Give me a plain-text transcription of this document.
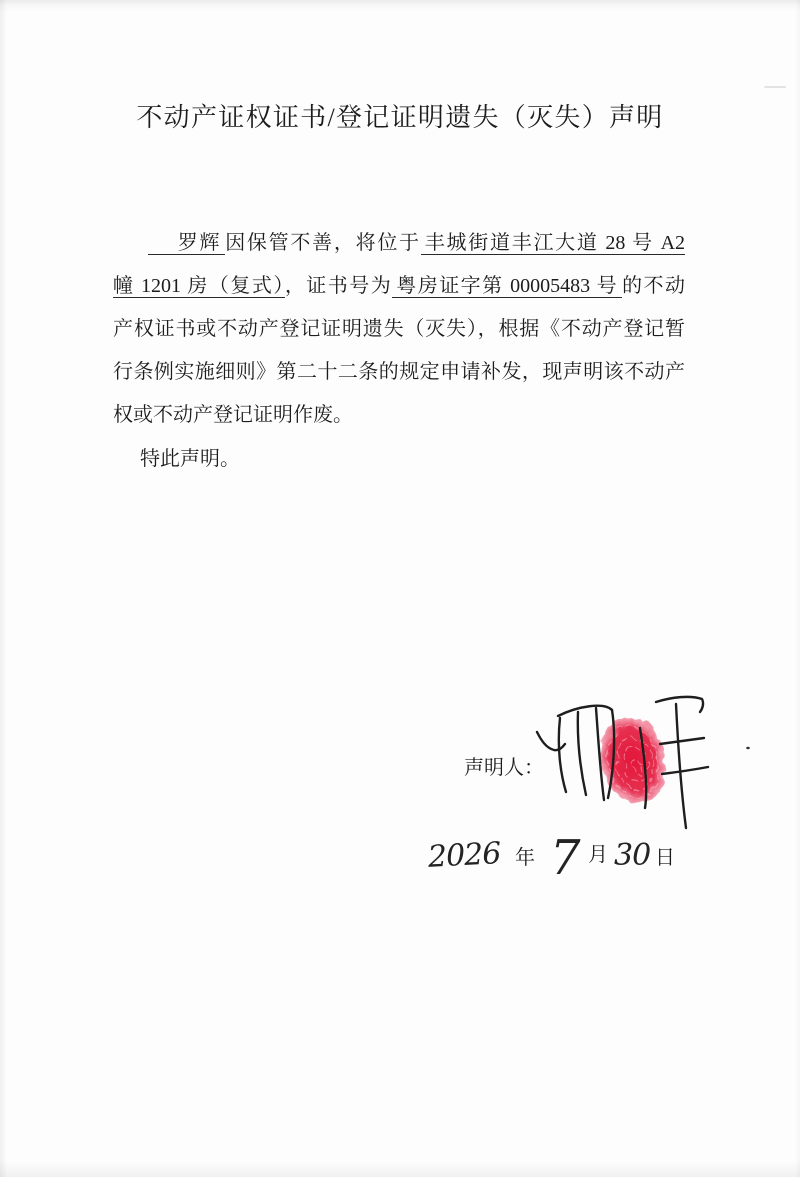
不动产证权证书/登记证明遗失（灭失）声明
罗辉 因保管不善，将位于 丰城街道丰江大道 28 号 A2
幢 1201 房（复式），证书号为 粤房证字第 00005483 号 的不动
产权证书或不动产登记证明遗失（灭失），根据《不动产登记暂
行条例实施细则》第二十二条的规定申请补发，现声明该不动产
权或不动产登记证明作废。
特此声明。
声明人：
2026 年 7 月 30 日
